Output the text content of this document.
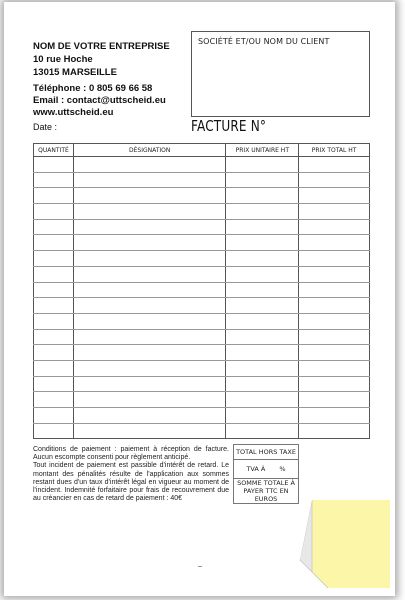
NOM DE VOTRE ENTREPRISE
10 rue Hoche
13015 MARSEILLE
Téléphone : 0 805 69 66 58
Email : contact@uttscheid.eu
www.uttscheid.eu
SOCIÉTÉ ET/OU NOM DU CLIENT
Date :	FACTURE N°
QUANTITÉ	DÉSIGNATION	PRIX UNITAIRE HT	PRIX TOTAL HT

Conditions de paiement : paiement à réception de facture. Aucun escompte consenti pour règlement anticipé.

Tout incident de paiement est passible d'intérêt de retard. Le montant des pénalités résulte de l'application aux sommes restant dues d'un taux d'intérêt légal en vigueur au moment de l'incident. Indemnité forfaitaire pour frais de recouvrement due au créancier en cas de retard de paiement : 40€

TOTAL HORS TAXE
TVA À %

SOMME TOTALE À
PAYER TTC EN EUROS
